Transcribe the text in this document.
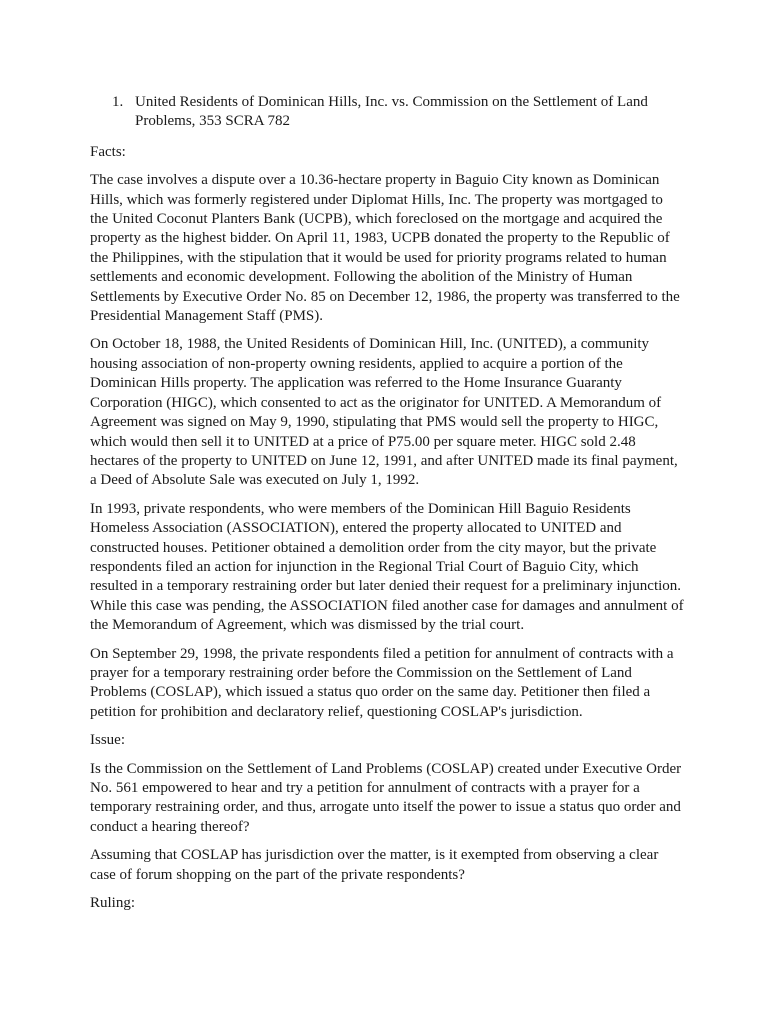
1. United Residents of Dominican Hills, Inc. vs. Commission on the Settlement of Land Problems, 353 SCRA 782
Facts:

The case involves a dispute over a 10.36-hectare property in Baguio City known as Dominican Hills, which was formerly registered under Diplomat Hills, Inc. The property was mortgaged to the United Coconut Planters Bank (UCPB), which foreclosed on the mortgage and acquired the property as the highest bidder. On April 11, 1983, UCPB donated the property to the Republic of the Philippines, with the stipulation that it would be used for priority programs related to human settlements and economic development. Following the abolition of the Ministry of Human Settlements by Executive Order No. 85 on December 12, 1986, the property was transferred to the Presidential Management Staff (PMS).

On October 18, 1988, the United Residents of Dominican Hill, Inc. (UNITED), a community housing association of non-property owning residents, applied to acquire a portion of the Dominican Hills property. The application was referred to the Home Insurance Guaranty Corporation (HIGC), which consented to act as the originator for UNITED. A Memorandum of Agreement was signed on May 9, 1990, stipulating that PMS would sell the property to HIGC, which would then sell it to UNITED at a price of P75.00 per square meter. HIGC sold 2.48 hectares of the property to UNITED on June 12, 1991, and after UNITED made its final payment, a Deed of Absolute Sale was executed on July 1, 1992.

In 1993, private respondents, who were members of the Dominican Hill Baguio Residents Homeless Association (ASSOCIATION), entered the property allocated to UNITED and constructed houses. Petitioner obtained a demolition order from the city mayor, but the private respondents filed an action for injunction in the Regional Trial Court of Baguio City, which resulted in a temporary restraining order but later denied their request for a preliminary injunction. While this case was pending, the ASSOCIATION filed another case for damages and annulment of the Memorandum of Agreement, which was dismissed by the trial court.

On September 29, 1998, the private respondents filed a petition for annulment of contracts with a prayer for a temporary restraining order before the Commission on the Settlement of Land Problems (COSLAP), which issued a status quo order on the same day. Petitioner then filed a petition for prohibition and declaratory relief, questioning COSLAP's jurisdiction.

Issue:

Is the Commission on the Settlement of Land Problems (COSLAP) created under Executive Order No. 561 empowered to hear and try a petition for annulment of contracts with a prayer for a temporary restraining order, and thus, arrogate unto itself the power to issue a status quo order and conduct a hearing thereof?

Assuming that COSLAP has jurisdiction over the matter, is it exempted from observing a clear case of forum shopping on the part of the private respondents?

Ruling:
